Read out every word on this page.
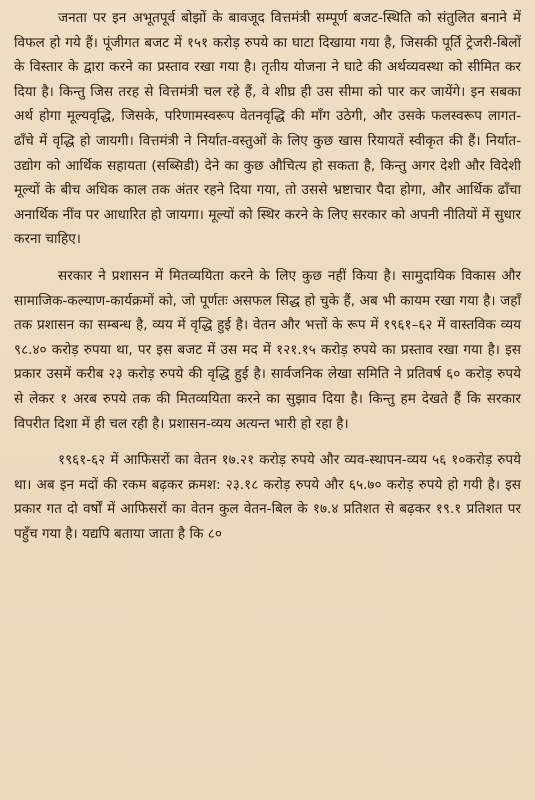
जनता पर इन अभूतपूर्व बोझों के बावजूद वित्तमंत्री सम्पूर्ण बजट-स्थिति को संतुलित बनाने में विफल हो गये हैं। पूंजीगत बजट में १५१ करोड़ रुपये का घाटा दिखाया गया है, जिसकी पूर्ति ट्रेजरी-बिलों के विस्तार के द्वारा करने का प्रस्ताव रखा गया है। तृतीय योजना ने घाटे की अर्थव्यवस्था को सीमित कर दिया है। किन्तु जिस तरह से वित्तमंत्री चल रहे हैं, वे शीघ्र ही उस सीमा को पार कर जायेंगे। इन सबका अर्थ होगा मूल्यवृद्धि, जिसके, परिणामस्वरूप वेतनवृद्धि की माँग उठेगी, और उसके फलस्वरूप लागत-ढाँचे में वृद्धि हो जायगी। वित्तमंत्री ने निर्यात-वस्तुओं के लिए कुछ खास रियायतें स्वीकृत की हैं। निर्यात-उद्योग को आर्थिक सहायता (सब्सिडी) देने का कुछ औचित्य हो सकता है, किन्तु अगर देशी और विदेशी मूल्यों के बीच अधिक काल तक अंतर रहने दिया गया, तो उससे भ्रष्टाचार पैदा होगा, और आर्थिक ढाँचा अनार्थिक नींव पर आधारित हो जायगा। मूल्यों को स्थिर करने के लिए सरकार को अपनी नीतियों में सुधार करना चाहिए।

सरकार ने प्रशासन में मितव्ययिता करने के लिए कुछ नहीं किया है। सामुदायिक विकास और सामाजिक-कल्याण-कार्यक्रमों को, जो पूर्णतः असफल सिद्ध हो चुके हैं, अब भी कायम रखा गया है। जहाँ तक प्रशासन का सम्बन्ध है, व्यय में वृद्धि हुई है। वेतन और भत्तों के रूप में १९६१–६२ में वास्तविक व्यय ९८.४० करोड़ रुपया था, पर इस बजट में उस मद में १२१.१५ करोड़ रुपये का प्रस्ताव रखा गया है। इस प्रकार उसमें करीब २३ करोड़ रुपये की वृद्धि हुई है। सार्वजनिक लेखा समिति ने प्रतिवर्ष ६० करोड़ रुपये से लेकर १ अरब रुपये तक की मितव्ययिता करने का सुझाव दिया है। किन्तु हम देखते हैं कि सरकार विपरीत दिशा में ही चल रही है। प्रशासन-व्यय अत्यन्त भारी हो रहा है।

१९६१-६२ में आफिसरों का वेतन १७.२१ करोड़ रुपये और व्यव-स्थापन-व्यय ५६ १०करोड़ रुपये था। अब इन मदों की रकम बढ़कर क्रमश: २३.१८ करोड़ रुपये और ६५.७० करोड़ रुपये हो गयी है। इस प्रकार गत दो वर्षों में आफिसरों का वेतन कुल वेतन-बिल के १७.४ प्रतिशत से बढ़कर १९.१ प्रतिशत पर पहुँच गया है। यद्यपि बताया जाता है कि ८०
